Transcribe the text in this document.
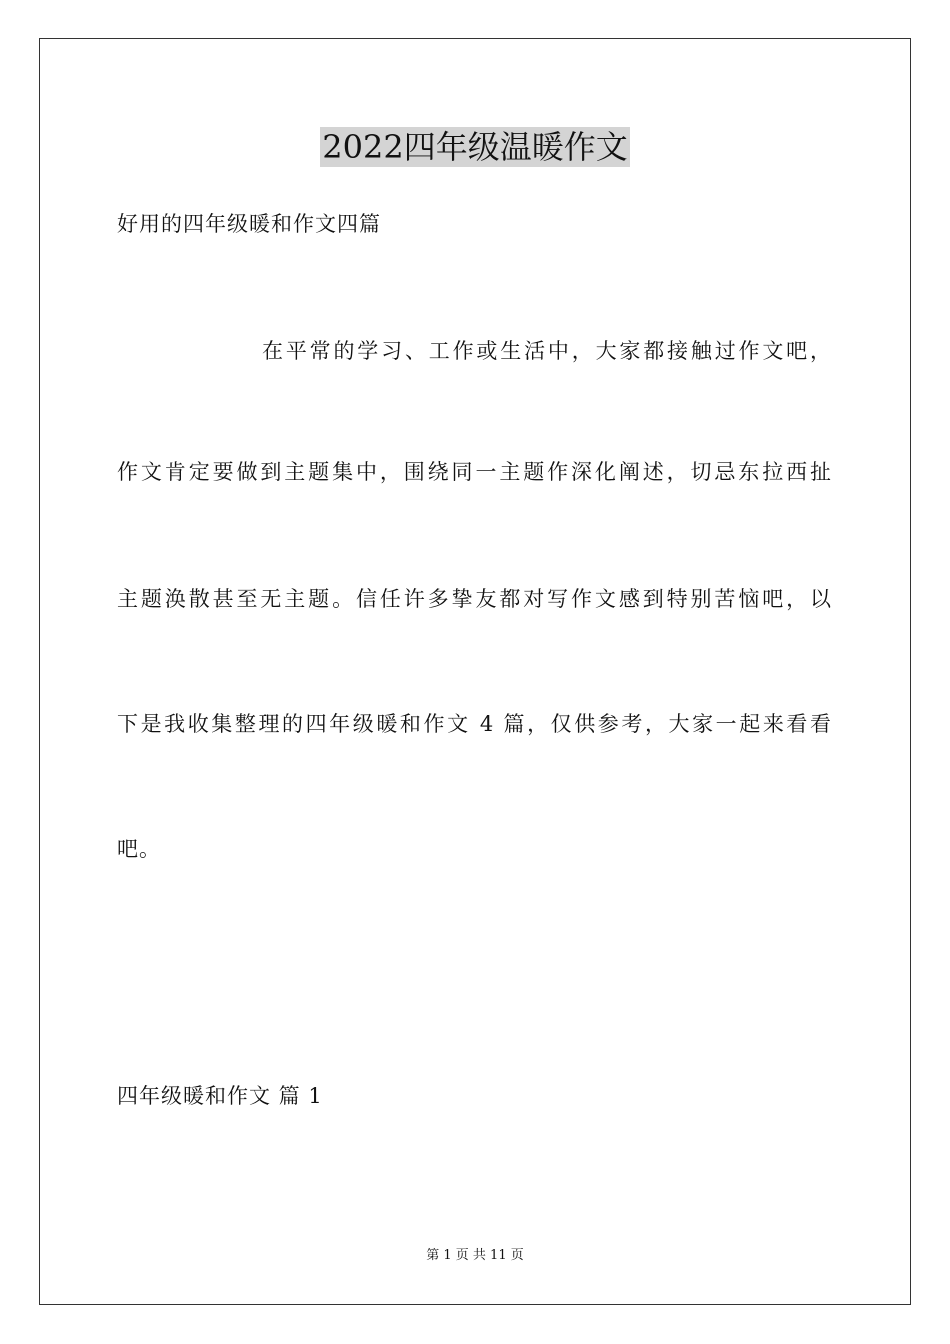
2022四年级温暖作文
好用的四年级暖和作文四篇
在平常的学习、工作或生活中，大家都接触过作文吧，
作文肯定要做到主题集中，围绕同一主题作深化阐述，切忌东拉西扯
主题涣散甚至无主题。信任许多挚友都对写作文感到特别苦恼吧，以
下是我收集整理的四年级暖和作文 4 篇，仅供参考，大家一起来看看
吧。
四年级暖和作文 篇 1
第 1 页 共 11 页
